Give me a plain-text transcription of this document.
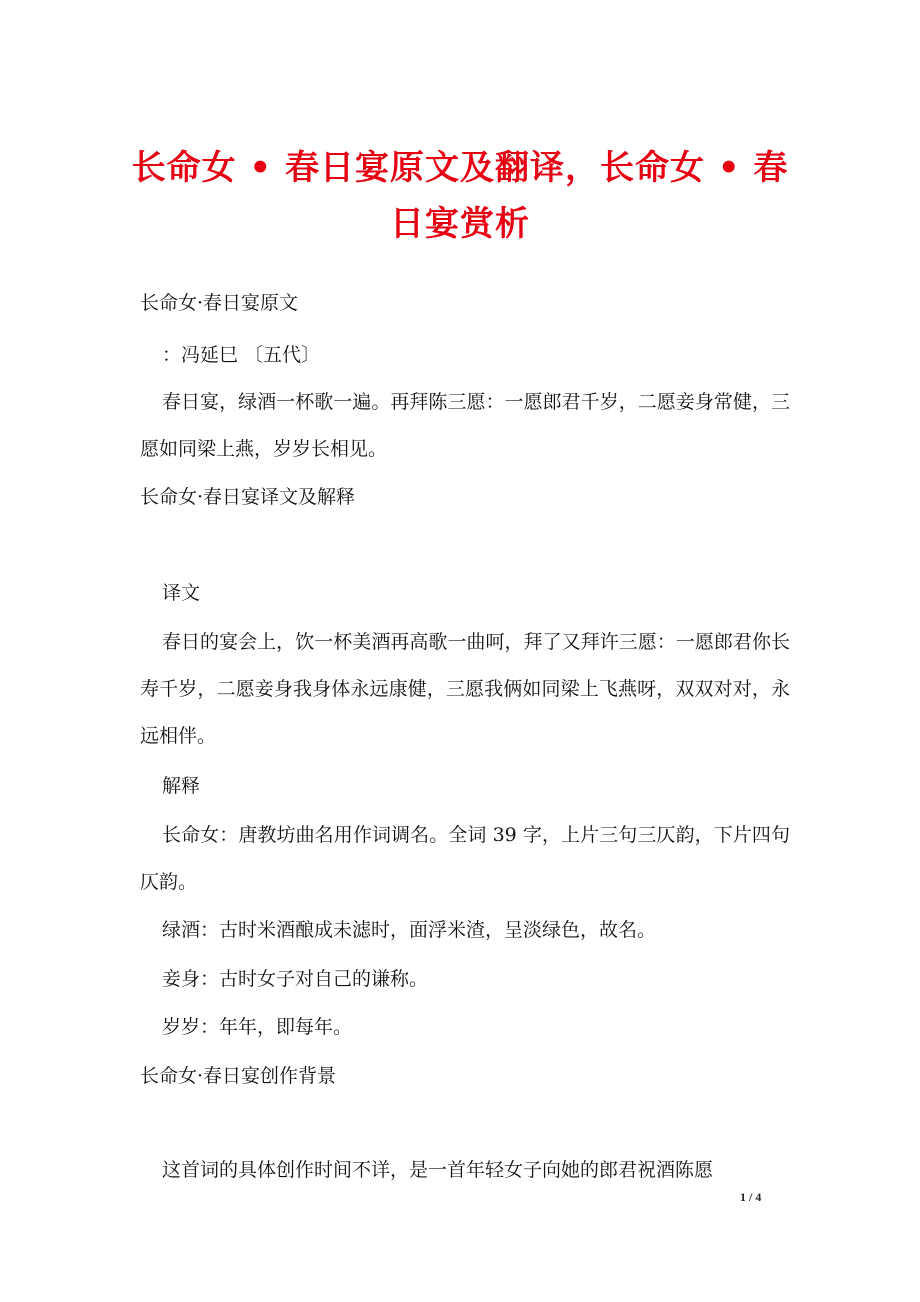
长命女 • 春日宴原文及翻译，长命女 • 春日宴赏析
长命女·春日宴原文
：冯延巳 〔五代〕
春日宴，绿酒一杯歌一遍。再拜陈三愿：一愿郎君千岁，二愿妾身常健，三愿如同梁上燕，岁岁长相见。
长命女·春日宴译文及解释
译文
春日的宴会上，饮一杯美酒再高歌一曲呵，拜了又拜许三愿：一愿郎君你长寿千岁，二愿妾身我身体永远康健，三愿我俩如同梁上飞燕呀，双双对对，永远相伴。
解释
长命女：唐教坊曲名用作词调名。全词 39 字，上片三句三仄韵，下片四句仄韵。
绿酒：古时米酒酿成未滤时，面浮米渣，呈淡绿色，故名。
妾身：古时女子对自己的谦称。
岁岁：年年，即每年。
长命女·春日宴创作背景
这首词的具体创作时间不详，是一首年轻女子向她的郎君祝酒陈愿
1 / 4
